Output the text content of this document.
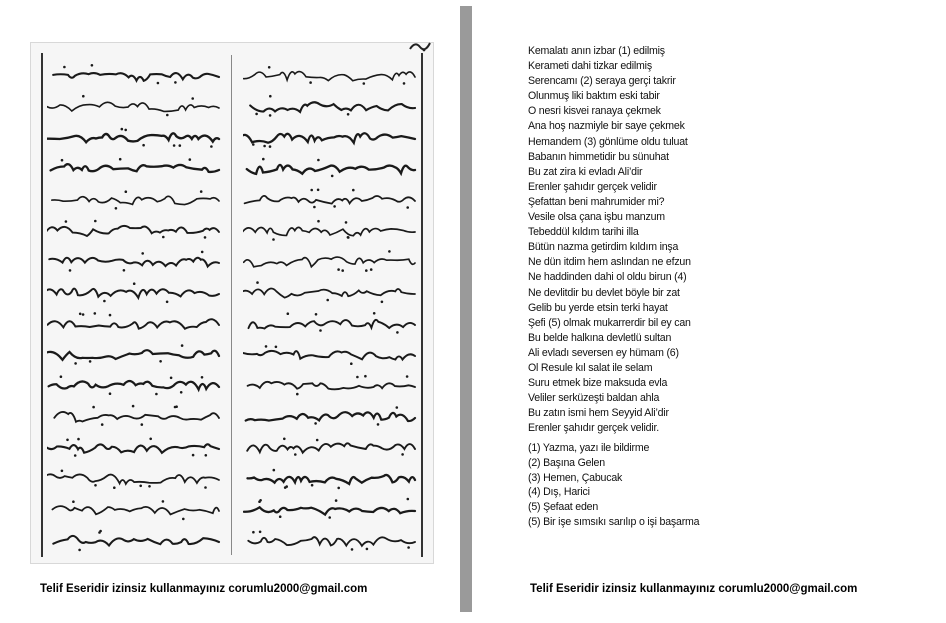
Telif Eseridir izinsiz kullanmayınız corumlu2000@gmail.com
Kemalatı anın izbar (1) edilmiş
Kerameti dahi tizkar edilmiş
Serencamı (2) seraya gerçi takrir
Olunmuş liki baktım eski tabir
O nesri kisvei ranaya çekmek
Ana hoş nazmiyle bir saye çekmek
Hemandem (3) gönlüme oldu tuluat
Babanın himmetidir bu sünuhat
Bu zat zira ki evladı Ali’dir
Erenler şahıdır gerçek velidir
Şefattan beni mahrumider mi?
Vesile olsa çana işbu manzum
Tebeddül kıldım tarihi illa
Bütün nazma getirdim kıldım inşa
Ne dün itdim hem aslından ne efzun
Ne haddinden dahi ol oldu birun (4)
Ne devlitdir bu devlet böyle bir zat
Gelib bu yerde etsin terki hayat
Şefi (5) olmak mukarrerdir bil ey can
Bu belde halkına devletlü sultan
Ali evladı seversen ey hümam (6)
Ol Resule kıl salat ile selam
Suru etmek bize maksuda evla
Veliler serküzeşti baldan ahla
Bu zatın ismi hem Seyyid Ali’dir
Erenler şahıdır gerçek velidir.
(1) Yazma, yazı ile bildirme
(2) Başına Gelen
(3) Hemen, Çabucak
(4) Dış, Harici
(5) Şefaat eden
(5) Bir işe sımsıkı sarılıp o işi başarma
Telif Eseridir izinsiz kullanmayınız corumlu2000@gmail.com
